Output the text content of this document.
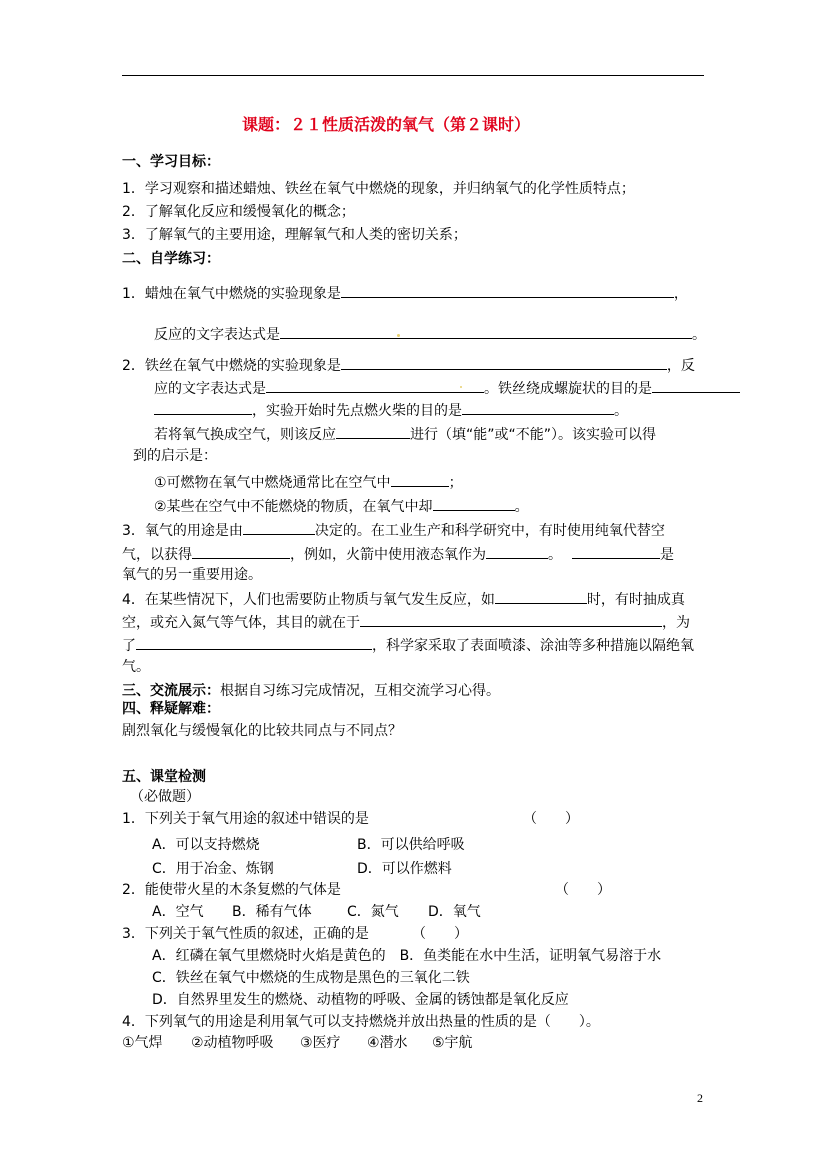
课题：２１性质活泼的氧气（第２课时）
一、学习目标：
1．学习观察和描述蜡烛、铁丝在氧气中燃烧的现象，并归纳氧气的化学性质特点；
2．了解氧化反应和缓慢氧化的概念；
3．了解氧气的主要用途，理解氧气和人类的密切关系；
二、自学练习：
1．蜡烛在氧气中燃烧的实验现象是	，
反应的文字表达式是	。
2．铁丝在氧气中燃烧的实验现象是	，反
应的文字表达式是	。铁丝绕成螺旋状的目的是
，实验开始时先点燃火柴的目的是	。
若将氧气换成空气，则该反应	进行（填“能”或“不能”）。该实验可以得
到的启示是：
①可燃物在氧气中燃烧通常比在空气中	；
②某些在空气中不能燃烧的物质，在氧气中却	。
3．氧气的用途是由	决定的。在工业生产和科学研究中，有时使用纯氧代替空
气，以获得	，例如，火箭中使用液态氧作为	。	是
氧气的另一重要用途。
4．在某些情况下，人们也需要防止物质与氧气发生反应，如	时，有时抽成真
空，或充入氮气等气体，其目的就在于	，为
了	，科学家采取了表面喷漆、涂油等多种措施以隔绝氧
气。
三、交流展示：根据自习练习完成情况，互相交流学习心得。
四、释疑解难：
剧烈氧化与缓慢氧化的比较共同点与不同点？
五、课堂检测
（必做题）
1．下列关于氧气用途的叙述中错误的是	（　　）
A．可以支持燃烧	B．可以供给呼吸
C．用于冶金、炼钢	D．可以作燃料
2．能使带火星的木条复燃的气体是	（　　）
A．空气 B．稀有气体	C．氮气 D．氧气
3．下列关于氧气性质的叙述，正确的是	（　　）
A．红磷在氧气里燃烧时火焰是黄色的　B．鱼类能在水中生活，证明氧气易溶于水
C．铁丝在氧气中燃烧的生成物是黑色的三氧化二铁
D．自然界里发生的燃烧、动植物的呼吸、金属的锈蚀都是氧化反应
4．下列氧气的用途是利用氧气可以支持燃烧并放出热量的性质的是（　　）。
①气焊 ②动植物呼吸 ③医疗 ④潜水 ⑤宇航
2
